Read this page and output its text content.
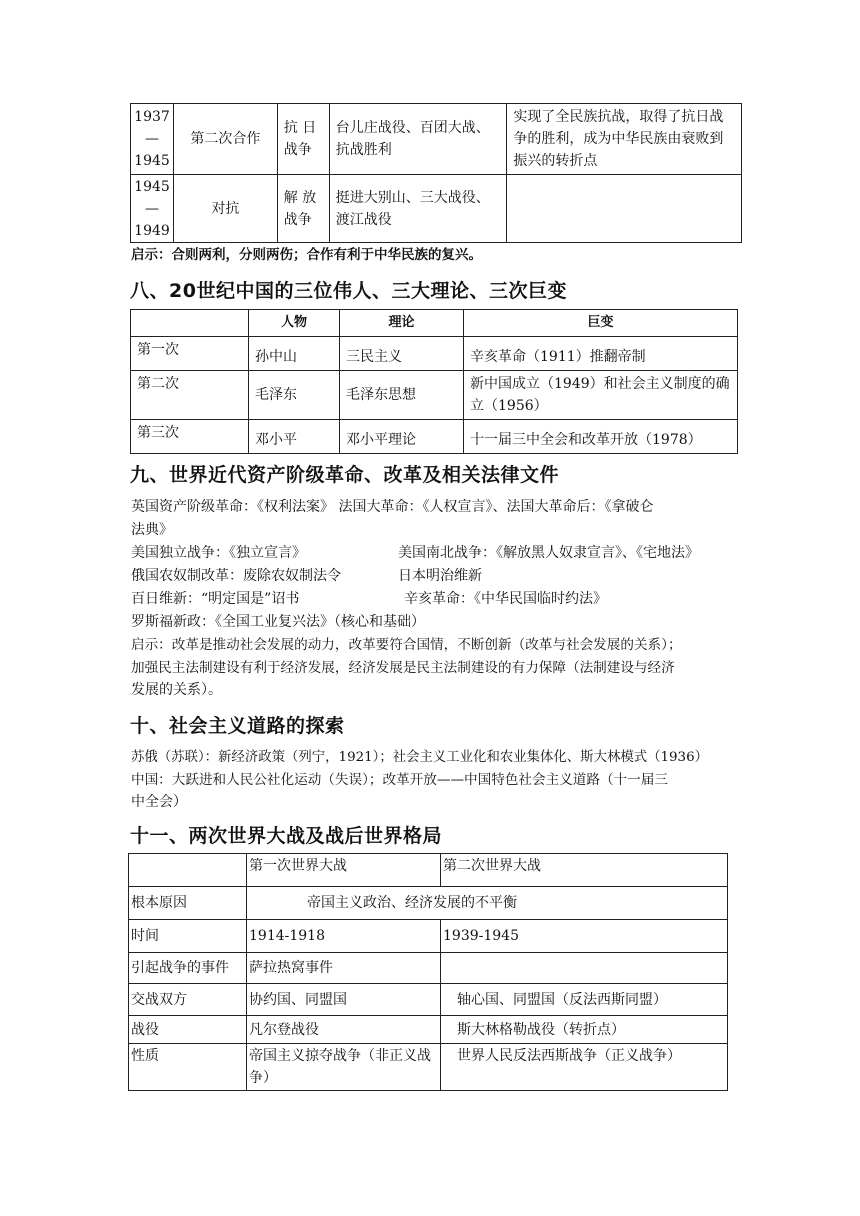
1937
—
1945	第二次合作	抗 日 战争	台儿庄战役、百团大战、抗战胜利	实现了全民族抗战，取得了抗日战争的胜利，成为中华民族由衰败到振兴的转折点

1945
—
1949	对抗	解 放 战争	挺进大别山、三大战役、渡江战役	
启示：合则两利，分则两伤；合作有利于中华民族的复兴。
八、20世纪中国的三位伟人、三大理论、三次巨变
	人物	理论	巨变
第一次	孙中山	三民主义	辛亥革命（1911）推翻帝制
第二次	毛泽东	毛泽东思想	新中国成立（1949）和社会主义制度的确立（1956）
第三次	邓小平	邓小平理论	十一届三中全会和改革开放（1978）
九、世界近代资产阶级革命、改革及相关法律文件
英国资产阶级革命：《权利法案》 法国大革命：《人权宣言》、法国大革命后：《拿破仑
法典》
美国独立战争：《独立宣言》	美国南北战争：《解放黑人奴隶宣言》、《宅地法》
俄国农奴制改革：废除农奴制法令	日本明治维新
百日维新：“明定国是”诏书	辛亥革命：《中华民国临时约法》
罗斯福新政：《全国工业复兴法》（核心和基础）
启示：改革是推动社会发展的动力，改革要符合国情，不断创新（改革与社会发展的关系）；
加强民主法制建设有利于经济发展，经济发展是民主法制建设的有力保障（法制建设与经济
发展的关系）。
十、社会主义道路的探索
苏俄（苏联）：新经济政策（列宁，1921）；社会主义工业化和农业集体化、斯大林模式（1936）
中国：大跃进和人民公社化运动（失误）；改革开放——中国特色社会主义道路（十一届三
中全会）
十一、两次世界大战及战后世界格局
	第一次世界大战	第二次世界大战
根本原因	帝国主义政治、经济发展的不平衡	
时间	1914-1918	1939-1945
引起战争的事件	萨拉热窝事件	
交战双方	协约国、同盟国	轴心国、同盟国（反法西斯同盟）
战役	凡尔登战役	斯大林格勒战役（转折点）
性质	帝国主义掠夺战争（非正义战争）	世界人民反法西斯战争（正义战争）
